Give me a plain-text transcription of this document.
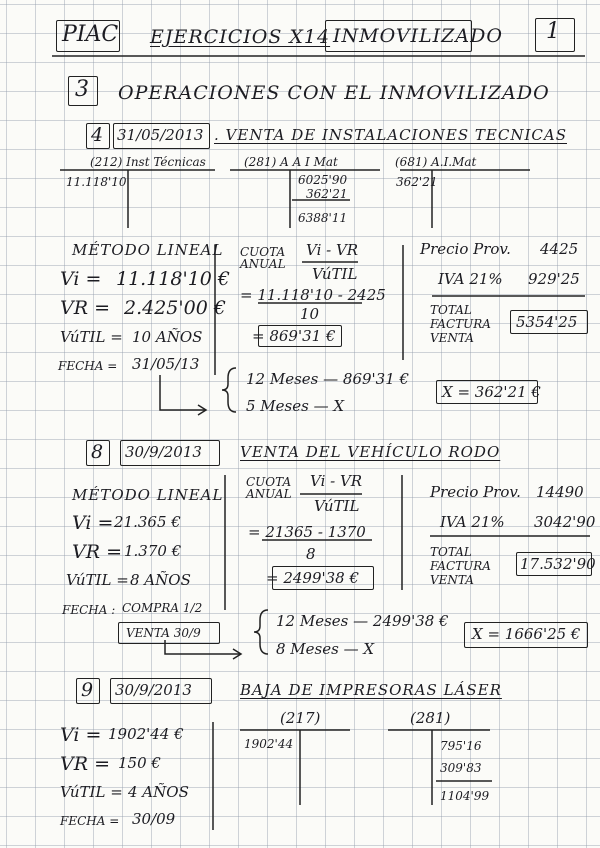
PIAC EJERCICIOS X14 INMOVILIZADO 1
3 OPERACIONES CON EL INMOVILIZADO
4 31/05/2013 . VENTA DE INSTALACIONES TECNICAS
(212) Inst Técnicas
11.118'10
(281) A A I Mat
6025'90
362'21
6388'11
(681) A.I.Mat
362'21
MÉTODO LINEAL
Vi = 11.118'10 €
VR = 2.425'00 €
VúTIL = 10 AÑOS
FECHA = 31/05/13
CUOTA ANUAL
Vi - VR
VúTIL
= 11.118'10 - 2425
10
= 869'31 €
12 Meses — 869'31 €
5 Meses — X
X = 362'21 €
Precio Prov. 4425
IVA 21% 929'25
TOTAL FACTURA VENTA
5354'25
8 30/9/2013	VENTA DEL VEHÍCULO RODO
MÉTODO LINEAL
Vi = 21.365 €
VR = 1.370 €
VúTIL = 8 AÑOS
FECHA : COMPRA 1/2
VENTA 30/9
CUOTA ANUAL
Vi - VR
VúTIL
= 21365 - 1370
8
= 2499'38 €
12 Meses — 2499'38 €
8 Meses — X
X = 1666'25 €
Precio Prov. 14490
IVA 21% 3042'90
TOTAL FACTURA VENTA
17.532'90
9 30/9/2013	BAJA DE IMPRESORAS LÁSER
Vi = 1902'44 €
VR = 150 €
VúTIL = 4 AÑOS
FECHA = 30/09
(217)
1902'44
(281)
795'16
309'83
1104'99
